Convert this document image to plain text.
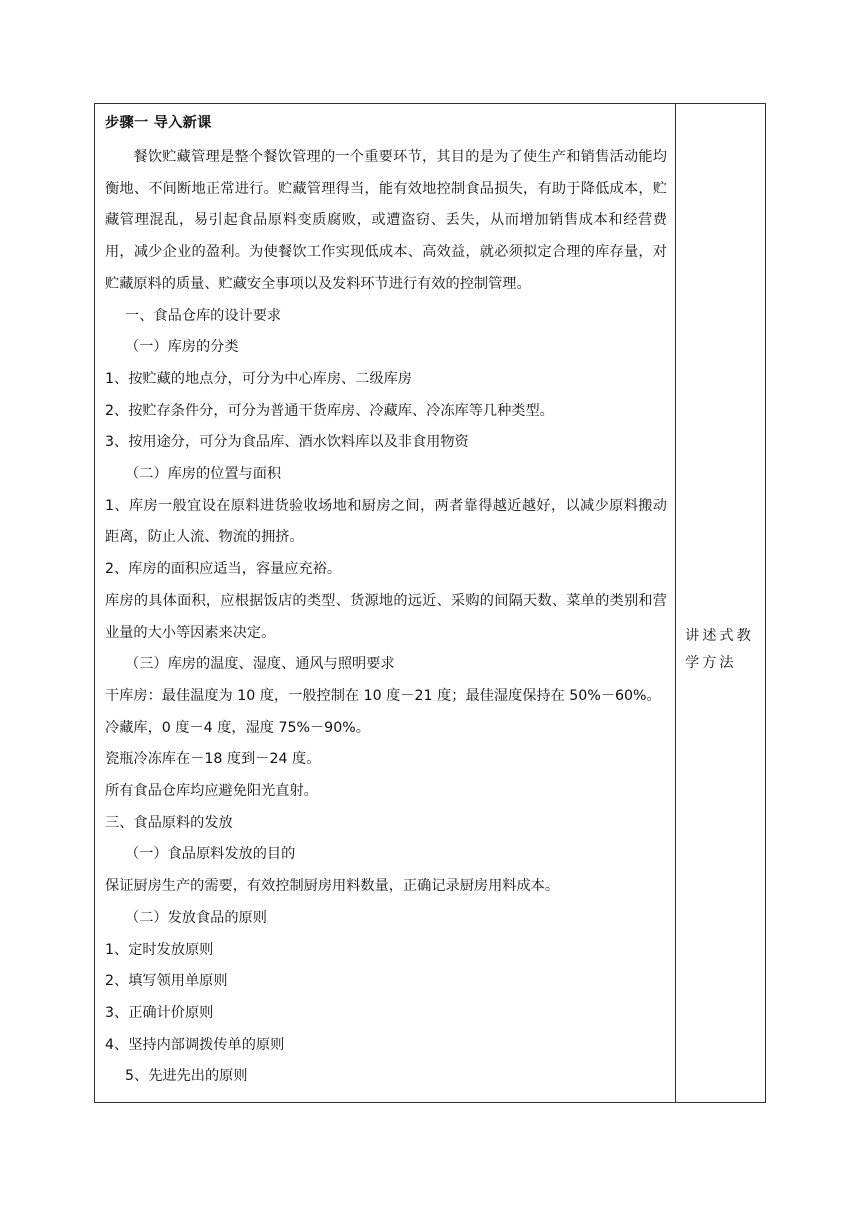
步骤一 导入新课

餐饮贮藏管理是整个餐饮管理的一个重要环节，其目的是为了使生产和销售活动能均衡地、不间断地正常进行。贮藏管理得当，能有效地控制食品损失，有助于降低成本，贮藏管理混乱，易引起食品原料变质腐败，或遭盗窃、丢失，从而增加销售成本和经营费用，减少企业的盈利。为使餐饮工作实现低成本、高效益，就必须拟定合理的库存量，对贮藏原料的质量、贮藏安全事项以及发料环节进行有效的控制管理。

一、食品仓库的设计要求

（一）库房的分类

1、按贮藏的地点分，可分为中心库房、二级库房

2、按贮存条件分，可分为普通干货库房、冷藏库、冷冻库等几种类型。

3、按用途分，可分为食品库、酒水饮料库以及非食用物资

（二）库房的位置与面积

1、库房一般宜设在原料进货验收场地和厨房之间，两者靠得越近越好，以减少原料搬动距离，防止人流、物流的拥挤。

2、库房的面积应适当，容量应充裕。

库房的具体面积，应根据饭店的类型、货源地的远近、采购的间隔天数、菜单的类别和营业量的大小等因素来决定。

（三）库房的温度、湿度、通风与照明要求

干库房：最佳温度为 10 度，一般控制在 10 度－21 度；最佳湿度保持在 50%－60%。

冷藏库，0 度－4 度，湿度 75%－90%。

瓷瓶冷冻库在－18 度到－24 度。

所有食品仓库均应避免阳光直射。

三、食品原料的发放

（一）食品原料发放的目的

保证厨房生产的需要，有效控制厨房用料数量，正确记录厨房用料成本。

（二）发放食品的原则

1、定时发放原则

2、填写领用单原则

3、正确计价原则

4、坚持内部调拨传单的原则

5、先进先出的原则

讲述式教学方法
